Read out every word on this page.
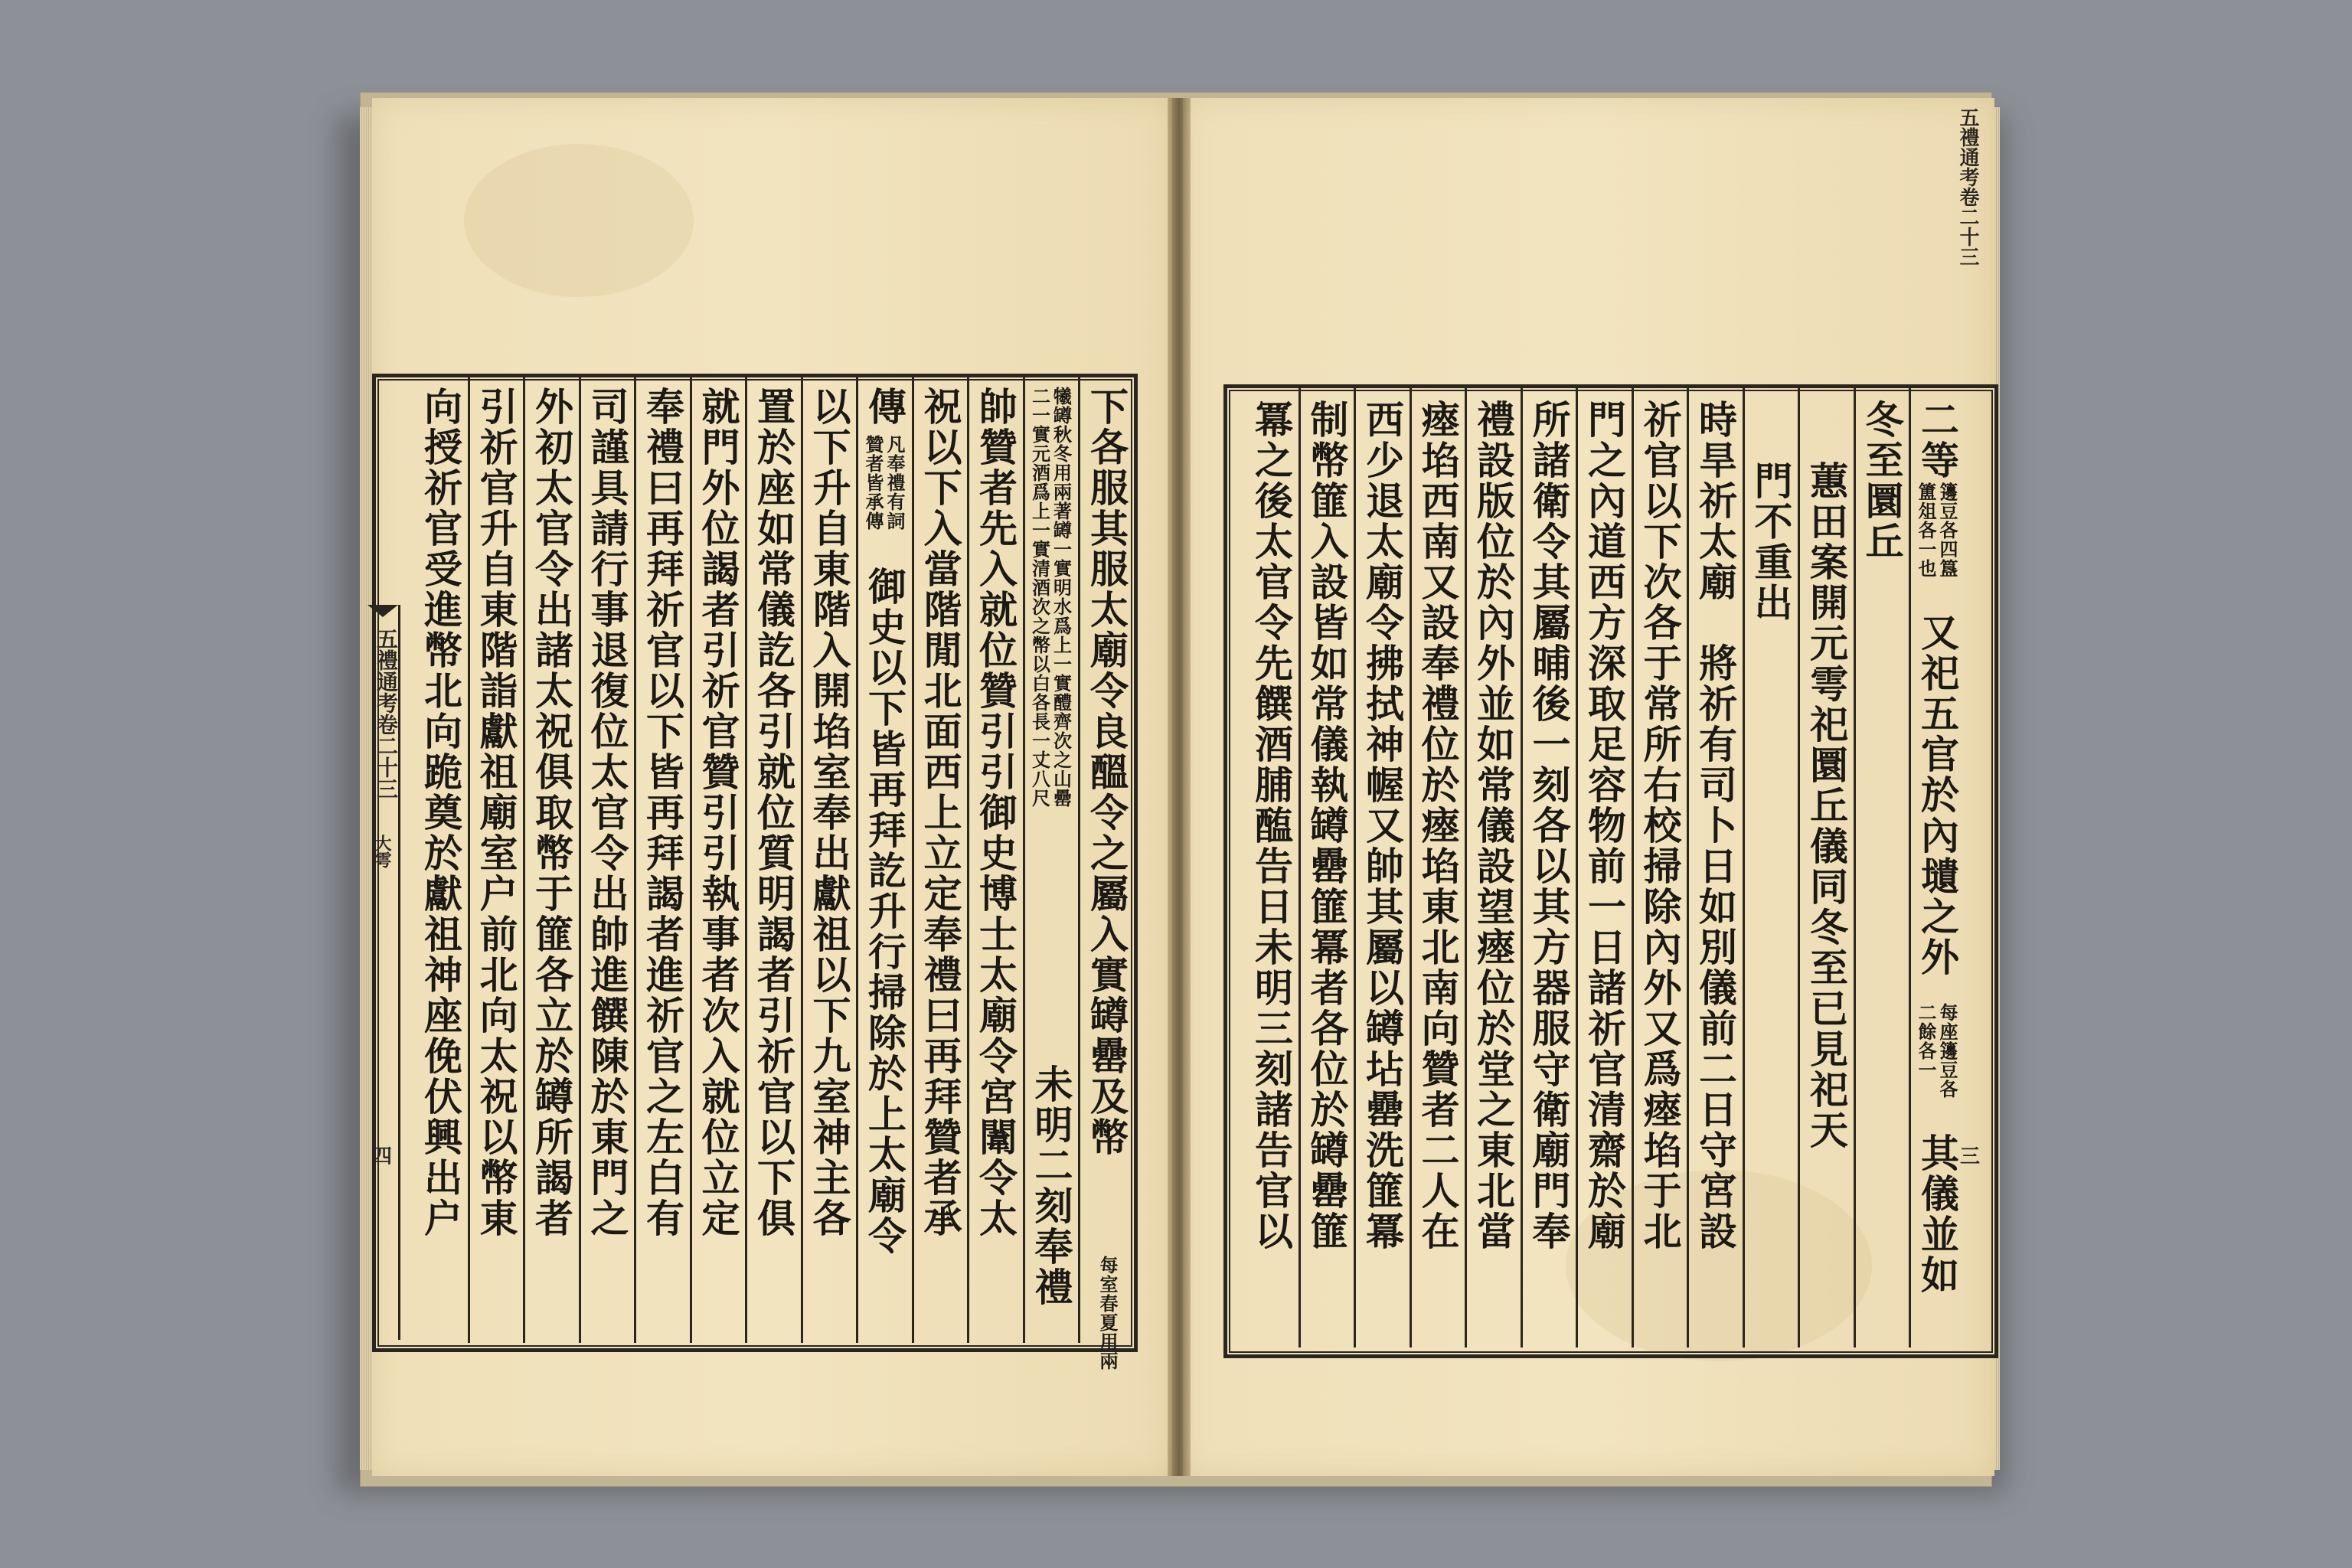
五禮通考卷二十三
大雩
四	下各服其服太廟令良醞令之屬入實罇罍及幣
每室春夏用兩
犧罇秋冬用兩著罇一實明水爲上一實醴齊次之山罍
二一實元酒爲上一實清酒次之幣以白各長一丈八尺
未明二刻奉禮
帥贊者先入就位贊引引御史博士太廟令宮闈令太
祝以下入當階閒北面西上立定奉禮曰再拜贊者承
傳
凡奉禮有詞
贊者皆承傳
御史以下皆再拜訖升行掃除於上太廟令
以下升自東階入開埳室奉出獻祖以下九室神主各
置於座如常儀訖各引就位質明謁者引祈官以下俱
就門外位謁者引祈官贊引引執事者次入就位立定
奉禮曰再拜祈官以下皆再拜謁者進祈官之左白有
司謹具請行事退復位太官令出帥進饌陳於東門之
外初太官令出諸太祝俱取幣于篚各立於罇所謁者
引祈官升自東階詣獻祖廟室户前北向太祝以幣東
向授祈官受進幣北向跪奠於獻祖神座俛伏興出户
五禮通考卷二十三
三
二等
籩豆各四簋
簠俎各一也
又祀五官於內壝之外
每座籩豆各
二餘各一
其儀並如
冬至圜丘
蕙田案開元雩祀圜丘儀同冬至已見祀天
門不重出
時旱祈太廟　將祈有司卜日如別儀前二日守宮設
祈官以下次各于常所右校掃除內外又爲瘞埳于北
門之內道西方深取足容物前一日諸祈官清齋於廟
所諸衛令其屬晡後一刻各以其方器服守衛廟門奉
禮設版位於內外並如常儀設望瘞位於堂之東北當
瘞埳西南又設奉禮位於瘞埳東北南向贊者二人在
西少退太廟令拂拭神幄又帥其屬以罇坫罍洗篚冪
制幣篚入設皆如常儀執罇罍篚冪者各位於罇罍篚
冪之後太官令先饌酒脯醢告日未明三刻諸告官以
